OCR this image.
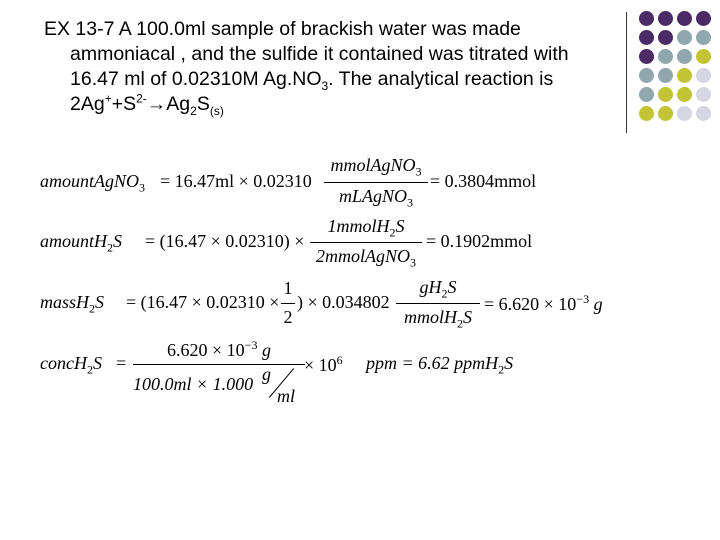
EX 13-7 A 100.0ml sample of brackish water was made
ammoniacal , and the sulfide it contained was titrated with
16.47 ml of 0.02310M $Ag.NO_3$. The analytical reaction is
$2Ag^++S^{2-}\to Ag_2S_{(s)}$
amountAgNO$_3$ = 16.47ml × 0.02310
mmolAgNO$_3$
mLAgNO$_3$
= 0.3804mmol
amountH$_2$S = (16.47 × 0.02310) ×
1mmolH$_2$S
2mmolAgNO$_3$
= 0.1902mmol
massH$_2$S = (16.47 × 0.02310 ×
1
2
) × 0.034802
$gH_2S$
mmolH$_2$S
= $6.620 \times 10^{-3}$ g
concH$_2$S =
$6.620 \times 10^{-3}$ g
100.0ml × 1.000 g
ml
× $10^6$ ppm = 6.62 ppmH$_2$S
